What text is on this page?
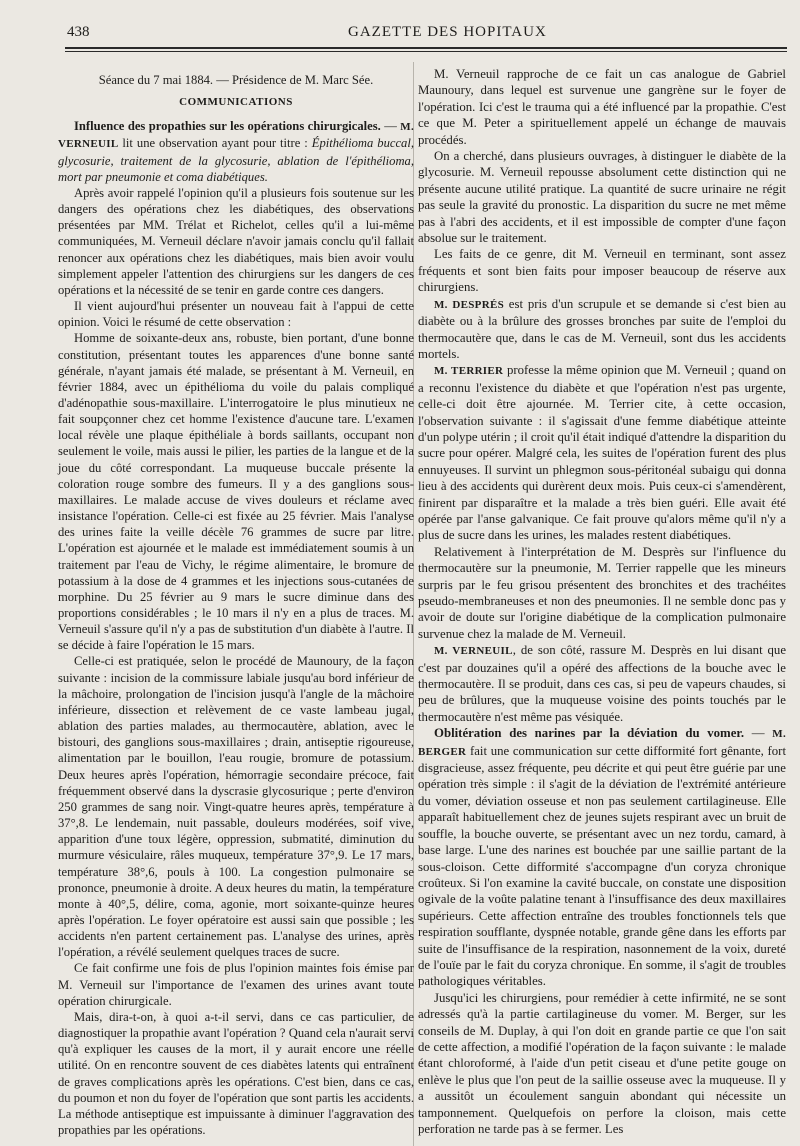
438	GAZETTE DES HOPITAUX

Séance du 7 mai 1884. — Présidence de M. Marc Sée.

COMMUNICATIONS

Influence des propathies sur les opérations chirurgicales. — M. VERNEUIL lit une observation ayant pour titre : Épithélioma buccal, glycosurie, traitement de la glycosurie, ablation de l'épithélioma, mort par pneumonie et coma diabétiques.

Après avoir rappelé l'opinion qu'il a plusieurs fois soutenue sur les dangers des opérations chez les diabétiques, des observations présentées par MM. Trélat et Richelot, celles qu'il a lui-même communiquées, M. Verneuil déclare n'avoir jamais conclu qu'il fallait renoncer aux opérations chez les diabétiques, mais bien avoir voulu simplement appeler l'attention des chirurgiens sur les dangers de ces opérations et la nécessité de se tenir en garde contre ces dangers.

Il vient aujourd'hui présenter un nouveau fait à l'appui de cette opinion. Voici le résumé de cette observation :

Homme de soixante-deux ans, robuste, bien portant, d'une bonne constitution, présentant toutes les apparences d'une bonne santé générale, n'ayant jamais été malade, se présentant à M. Verneuil, en février 1884, avec un épithélioma du voile du palais compliqué d'adénopathie sous-maxillaire. L'interrogatoire le plus minutieux ne fait soupçonner chez cet homme l'existence d'aucune tare. L'examen local révèle une plaque épithéliale à bords saillants, occupant non seulement le voile, mais aussi le pilier, les parties de la langue et de la joue du côté correspondant. La muqueuse buccale présente la coloration rouge sombre des fumeurs. Il y a des ganglions sous-maxillaires. Le malade accuse de vives douleurs et réclame avec insistance l'opération. Celle-ci est fixée au 25 février. Mais l'analyse des urines faite la veille décèle 76 grammes de sucre par litre. L'opération est ajournée et le malade est immédiatement soumis à un traitement par l'eau de Vichy, le régime alimentaire, le bromure de potassium à la dose de 4 grammes et les injections sous-cutanées de morphine. Du 25 février au 9 mars le sucre diminue dans des proportions considérables ; le 10 mars il n'y en a plus de traces. M. Verneuil s'assure qu'il n'y a pas de substitution d'un diabète à l'autre. Il se décide à faire l'opération le 15 mars.

Celle-ci est pratiquée, selon le procédé de Maunoury, de la façon suivante : incision de la commissure labiale jusqu'au bord inférieur de la mâchoire, prolongation de l'incision jusqu'à l'angle de la mâchoire inférieure, dissection et relèvement de ce vaste lambeau jugal, ablation des parties malades, au thermocautère, ablation, avec le bistouri, des ganglions sous-maxillaires ; drain, antiseptie rigoureuse, alimentation par le bouillon, l'eau rougie, bromure de potassium. Deux heures après l'opération, hémorragie secondaire précoce, fait fréquemment observé dans la dyscrasie glycosurique ; perte d'environ 250 grammes de sang noir. Vingt-quatre heures après, température à 37°,8. Le lendemain, nuit passable, douleurs modérées, soif vive, apparition d'une toux légère, oppression, submatité, diminution du murmure vésiculaire, râles muqueux, température 37°,9. Le 17 mars, température 38°,6, pouls à 100. La congestion pulmonaire se prononce, pneumonie à droite. A deux heures du matin, la température monte à 40°,5, délire, coma, agonie, mort soixante-quinze heures après l'opération. Le foyer opératoire est aussi sain que possible ; les accidents n'en partent certainement pas. L'analyse des urines, après l'opération, a révélé seulement quelques traces de sucre.

Ce fait confirme une fois de plus l'opinion maintes fois émise par M. Verneuil sur l'importance de l'examen des urines avant toute opération chirurgicale.

Mais, dira-t-on, à quoi a-t-il servi, dans ce cas particulier, de diagnostiquer la propathie avant l'opération ? Quand cela n'aurait servi qu'à expliquer les causes de la mort, il y aurait encore une réelle utilité. On en rencontre souvent de ces diabètes latents qui entraînent de graves complications après les opérations. C'est bien, dans ce cas, du poumon et non du foyer de l'opération que sont partis les accidents. La méthode antiseptique est impuissante à diminuer l'aggravation des propathies par les opérations.

M. Verneuil rapproche de ce fait un cas analogue de Gabriel Maunoury, dans lequel est survenue une gangrène sur le foyer de l'opération. Ici c'est le trauma qui a été influencé par la propathie. C'est ce que M. Peter a spirituellement appelé un échange de mauvais procédés.

On a cherché, dans plusieurs ouvrages, à distinguer le diabète de la glycosurie. M. Verneuil repousse absolument cette distinction qui ne présente aucune utilité pratique. La quantité de sucre urinaire ne régit pas seule la gravité du pronostic. La disparition du sucre ne met même pas à l'abri des accidents, et il est impossible de compter d'une façon absolue sur le traitement.

Les faits de ce genre, dit M. Verneuil en terminant, sont assez fréquents et sont bien faits pour imposer beaucoup de réserve aux chirurgiens.

M. DESPRÉS est pris d'un scrupule et se demande si c'est bien au diabète ou à la brûlure des grosses bronches par suite de l'emploi du thermocautère que, dans le cas de M. Verneuil, sont dus les accidents mortels.

M. TERRIER professe la même opinion que M. Verneuil ; quand on a reconnu l'existence du diabète et que l'opération n'est pas urgente, celle-ci doit être ajournée. M. Terrier cite, à cette occasion, l'observation suivante : il s'agissait d'une femme diabétique atteinte d'un polype utérin ; il croit qu'il était indiqué d'attendre la disparition du sucre pour opérer. Malgré cela, les suites de l'opération furent des plus ennuyeuses. Il survint un phlegmon sous-péritonéal subaigu qui donna lieu à des accidents qui durèrent deux mois. Puis ceux-ci s'amendèrent, finirent par disparaître et la malade a très bien guéri. Elle avait été opérée par l'anse galvanique. Ce fait prouve qu'alors même qu'il n'y a plus de sucre dans les urines, les malades restent diabétiques.

Relativement à l'interprétation de M. Desprès sur l'influence du thermocautère sur la pneumonie, M. Terrier rappelle que les mineurs surpris par le feu grisou présentent des bronchites et des trachéites pseudo-membraneuses et non des pneumonies. Il ne semble donc pas y avoir de doute sur l'origine diabétique de la complication pulmonaire survenue chez la malade de M. Verneuil.

M. VERNEUIL, de son côté, rassure M. Desprès en lui disant que c'est par douzaines qu'il a opéré des affections de la bouche avec le thermocautère. Il se produit, dans ces cas, si peu de vapeurs chaudes, si peu de brûlures, que la muqueuse voisine des points touchés par le thermocautère n'est même pas vésiquée.

Oblitération des narines par la déviation du vomer. — M. BERGER fait une communication sur cette difformité fort gênante, fort disgracieuse, assez fréquente, peu décrite et qui peut être guérie par une opération très simple : il s'agit de la déviation de l'extrémité antérieure du vomer, déviation osseuse et non pas seulement cartilagineuse. Elle apparaît habituellement chez de jeunes sujets respirant avec un bruit de souffle, la bouche ouverte, se présentant avec un nez tordu, camard, à base large. L'une des narines est bouchée par une saillie partant de la sous-cloison. Cette difformité s'accompagne d'un coryza chronique croûteux. Si l'on examine la cavité buccale, on constate une disposition ogivale de la voûte palatine tenant à l'insuffisance des deux maxillaires supérieurs. Cette affection entraîne des troubles fonctionnels tels que respiration soufflante, dyspnée notable, grande gêne dans les efforts par suite de l'insuffisance de la respiration, nasonnement de la voix, dureté de l'ouïe par le fait du coryza chronique. En somme, il s'agit de troubles pathologiques véritables.

Jusqu'ici les chirurgiens, pour remédier à cette infirmité, ne se sont adressés qu'à la partie cartilagineuse du vomer. M. Berger, sur les conseils de M. Duplay, à qui l'on doit en grande partie ce que l'on sait de cette affection, a modifié l'opération de la façon suivante : le malade étant chloroformé, à l'aide d'un petit ciseau et d'une petite gouge on enlève le plus que l'on peut de la saillie osseuse avec la muqueuse. Il y a aussitôt un écoulement sanguin abondant qui nécessite un tamponnement. Quelquefois on perfore la cloison, mais cette perforation ne tarde pas à se fermer. Les
